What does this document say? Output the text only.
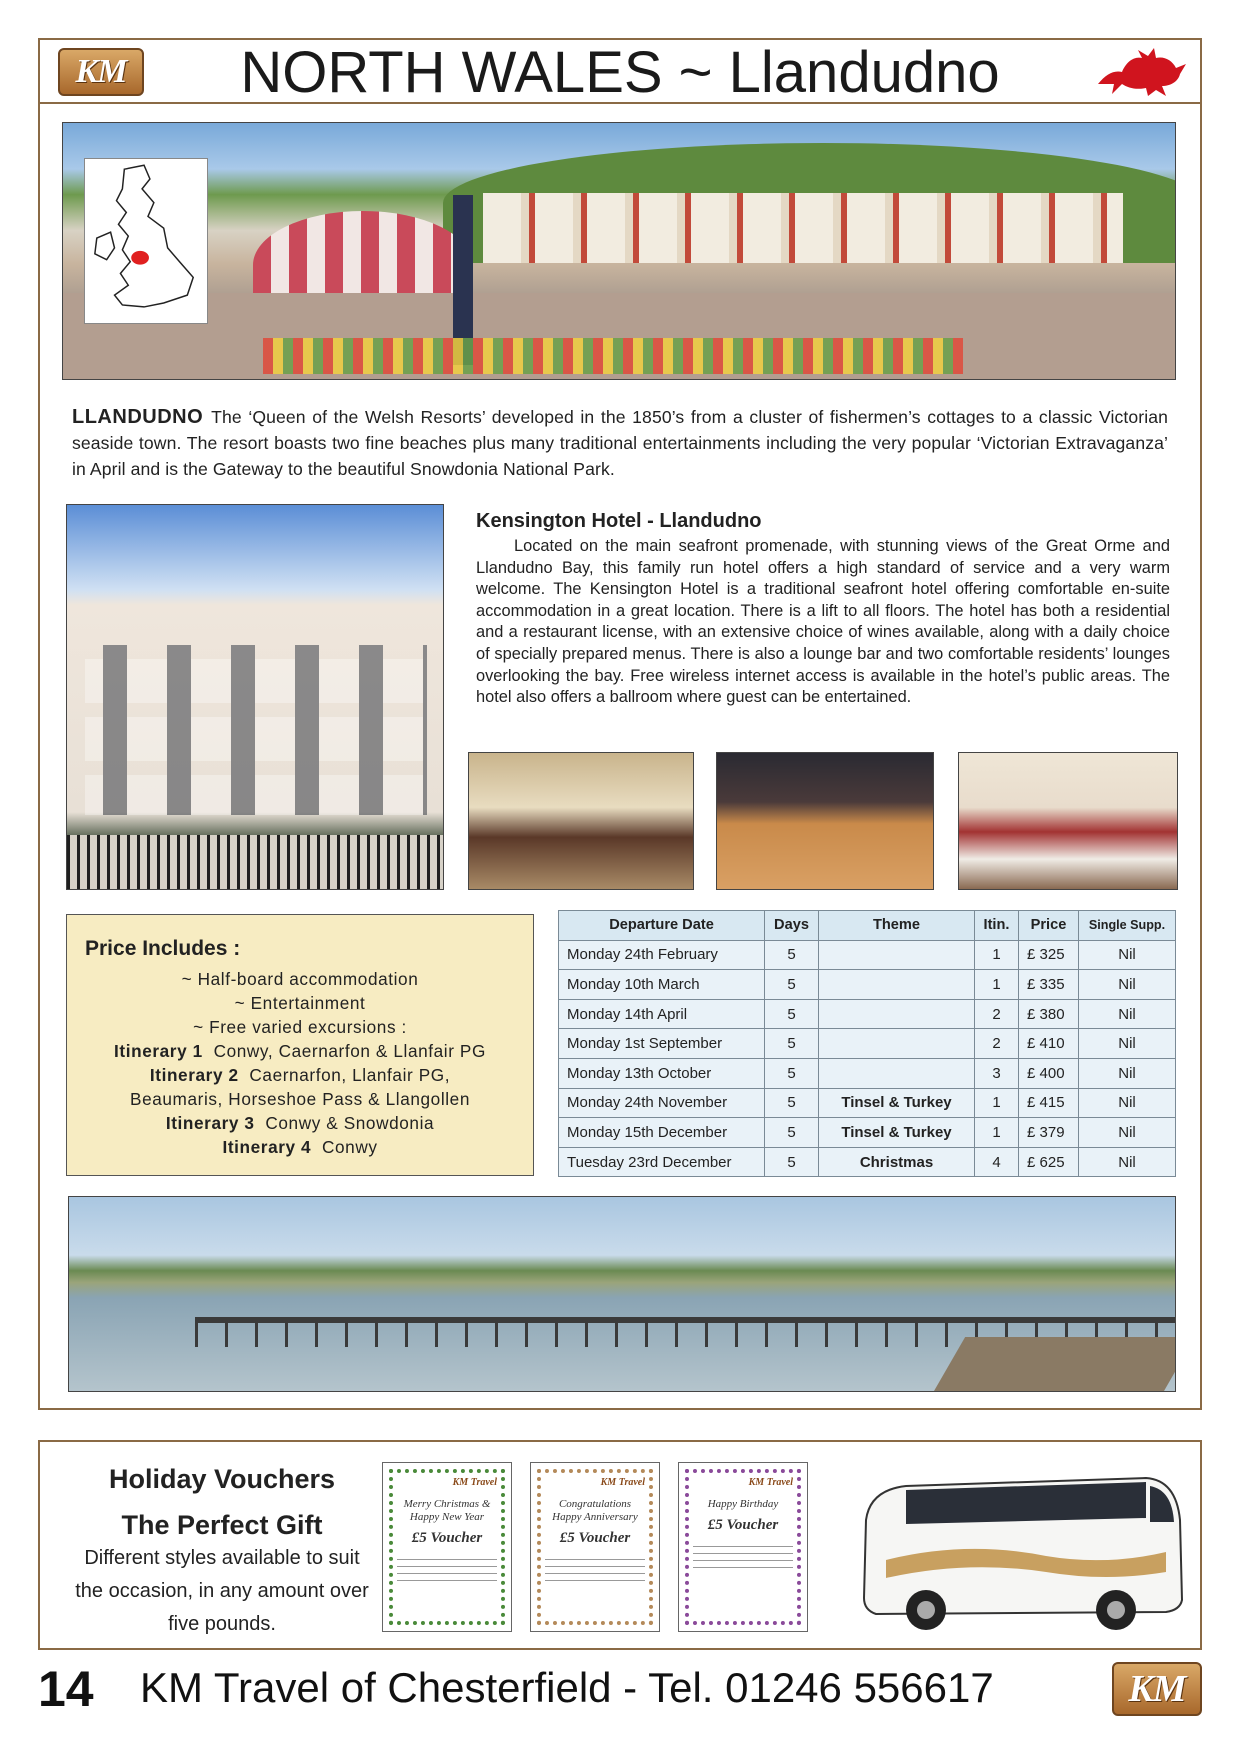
KM	NORTH WALES ~ Llandudno
LLANDUDNO The ‘Queen of the Welsh Resorts’ developed in the 1850’s from a cluster of fishermen’s cottages to a classic Victorian seaside town. The resort boasts two fine beaches plus many traditional entertainments including the very popular ‘Victorian Extravaganza’ in April and is the Gateway to the beautiful Snowdonia National Park.
Kensington Hotel - Llandudno
Located on the main seafront promenade, with stunning views of the Great Orme and Llandudno Bay, this family run hotel offers a high standard of service and a very warm welcome. The Kensington Hotel is a traditional seafront hotel offering comfortable en-suite accommodation in a great location. There is a lift to all floors. The hotel has both a residential and a restaurant license, with an extensive choice of wines available, along with a daily choice of specially prepared menus. There is also a lounge bar and two comfortable residents’ lounges overlooking the bay. Free wireless internet access is available in the hotel’s public areas. The hotel also offers a ballroom where guest can be entertained.
Price Includes :
~ Half-board accommodation
~ Entertainment
~ Free varied excursions :
Itinerary 1 Conwy, Caernarfon & Llanfair PG
Itinerary 2 Caernarfon, Llanfair PG,
Beaumaris, Horseshoe Pass & Llangollen
Itinerary 3 Conwy & Snowdonia
Itinerary 4 Conwy
Departure Date	Days	Theme	Itin.	Price	Single Supp.
Monday 24th February	5		1	£ 325	Nil
Monday 10th March	5		1	£ 335	Nil
Monday 14th April	5		2	£ 380	Nil
Monday 1st September	5		2	£ 410	Nil
Monday 13th October	5		3	£ 400	Nil
Monday 24th November	5	Tinsel & Turkey	1	£ 415	Nil
Monday 15th December	5	Tinsel & Turkey	1	£ 379	Nil
Tuesday 23rd December	5	Christmas	4	£ 625	Nil
Holiday Vouchers
The Perfect Gift
Different styles available to suit the occasion, in any amount over five pounds.
KM Travel
Merry Christmas & Happy New Year
£5 Voucher
KM Travel
Congratulations Happy Anniversary
£5 Voucher
KM Travel
Happy Birthday
£5 Voucher
14 KM Travel of Chesterfield - Tel. 01246 556617	KM
